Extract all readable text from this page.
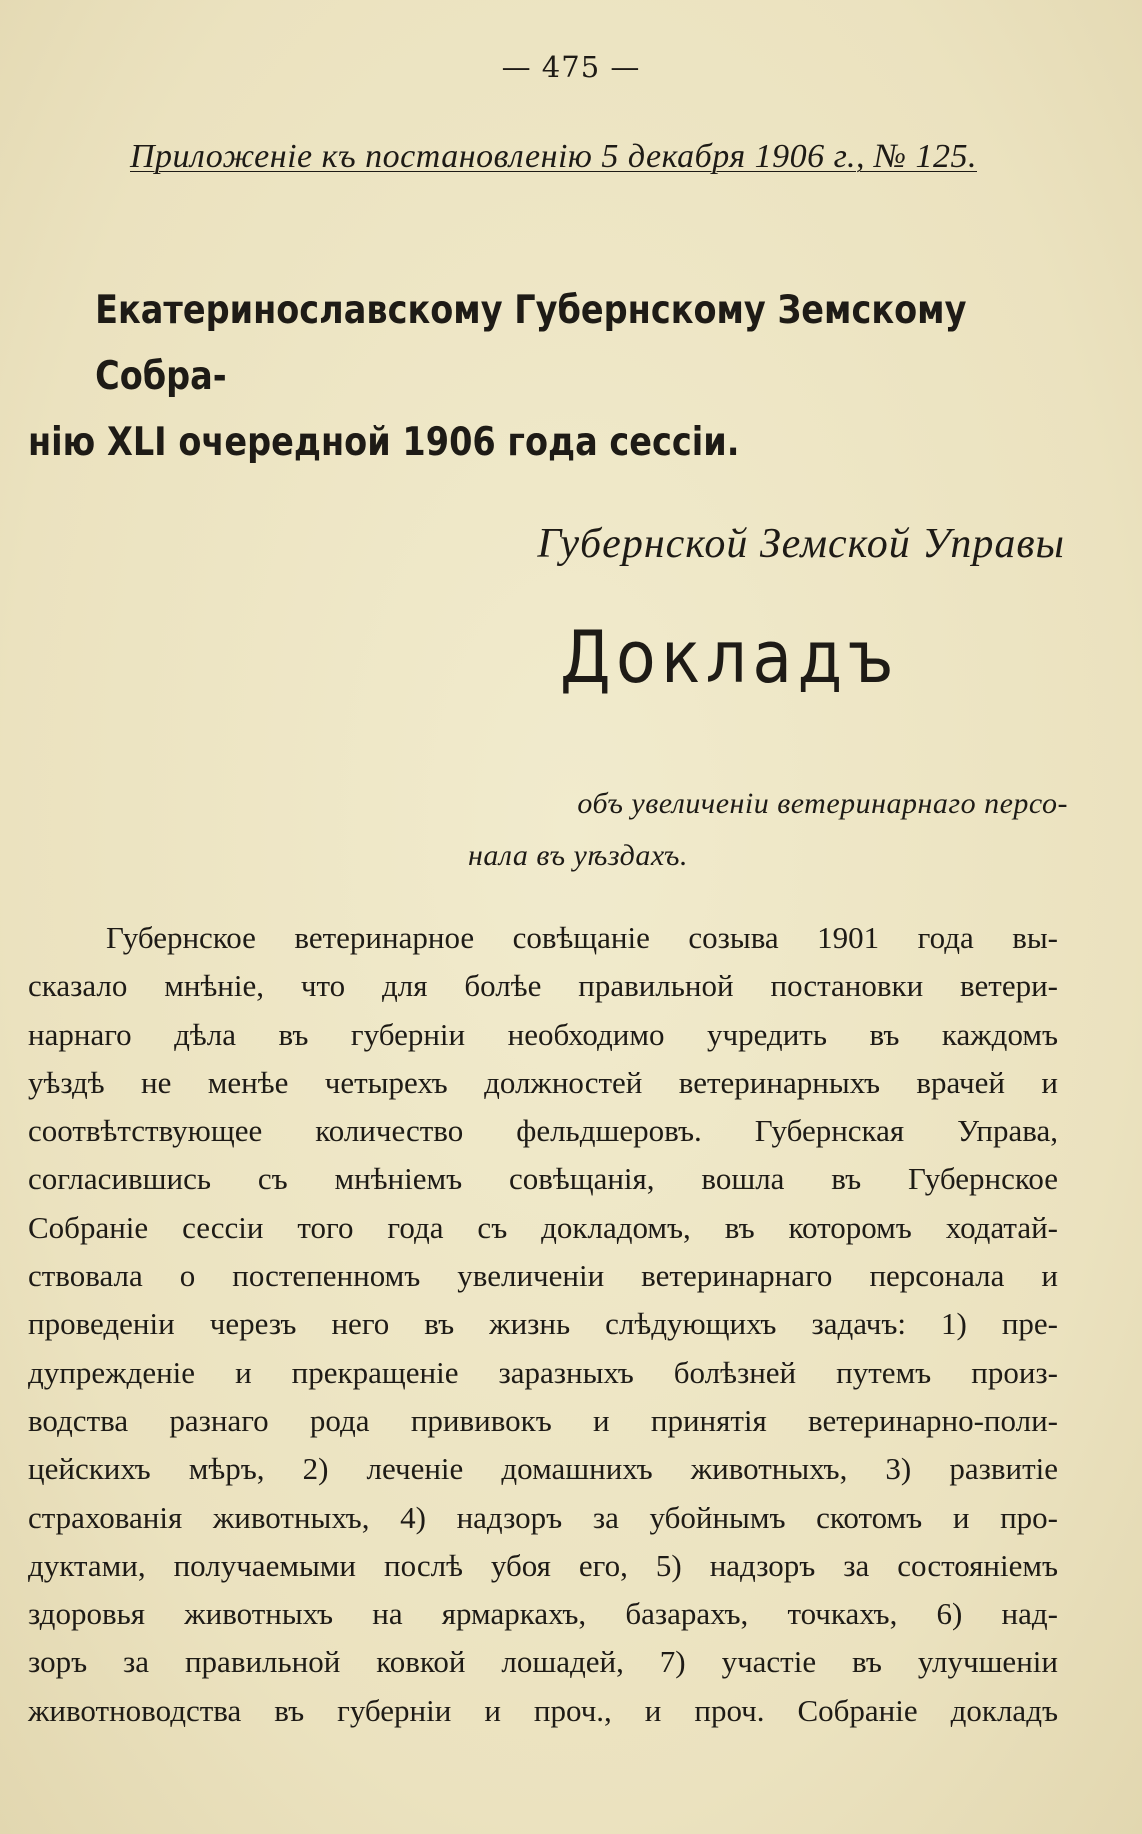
— 475 —
Приложеніе къ постановленію 5 декабря 1906 г., № 125.
Екатеринославскому Губернскому Земскому Собра-
нію XLI очередной 1906 года сессіи.
Губернской Земской Управы
Докладъ
объ увеличеніи ветеринарнаго персо-
нала въ уѣздахъ.
Губернское ветеринарное совѣщаніе созыва 1901 года вы-
сказало мнѣніе, что для болѣе правильной постановки ветери-
нарнаго дѣла въ губерніи необходимо учредить въ каждомъ
уѣздѣ не менѣе четырехъ должностей ветеринарныхъ врачей и
соотвѣтствующее количество фельдшеровъ. Губернская Управа,
согласившись съ мнѣніемъ совѣщанія, вошла въ Губернское
Собраніе сессіи того года съ докладомъ, въ которомъ ходатай-
ствовала о постепенномъ увеличеніи ветеринарнаго персонала и
проведеніи черезъ него въ жизнь слѣдующихъ задачъ: 1) пре-
дупрежденіе и прекращеніе заразныхъ болѣзней путемъ произ-
водства разнаго рода прививокъ и принятія ветеринарно-поли-
цейскихъ мѣръ, 2) леченіе домашнихъ животныхъ, 3) развитіе
страхованія животныхъ, 4) надзоръ за убойнымъ скотомъ и про-
дуктами, получаемыми послѣ убоя его, 5) надзоръ за состояніемъ
здоровья животныхъ на ярмаркахъ, базарахъ, точкахъ, 6) над-
зоръ за правильной ковкой лошадей, 7) участіе въ улучшеніи
животноводства въ губерніи и проч., и проч. Собраніе докладъ
